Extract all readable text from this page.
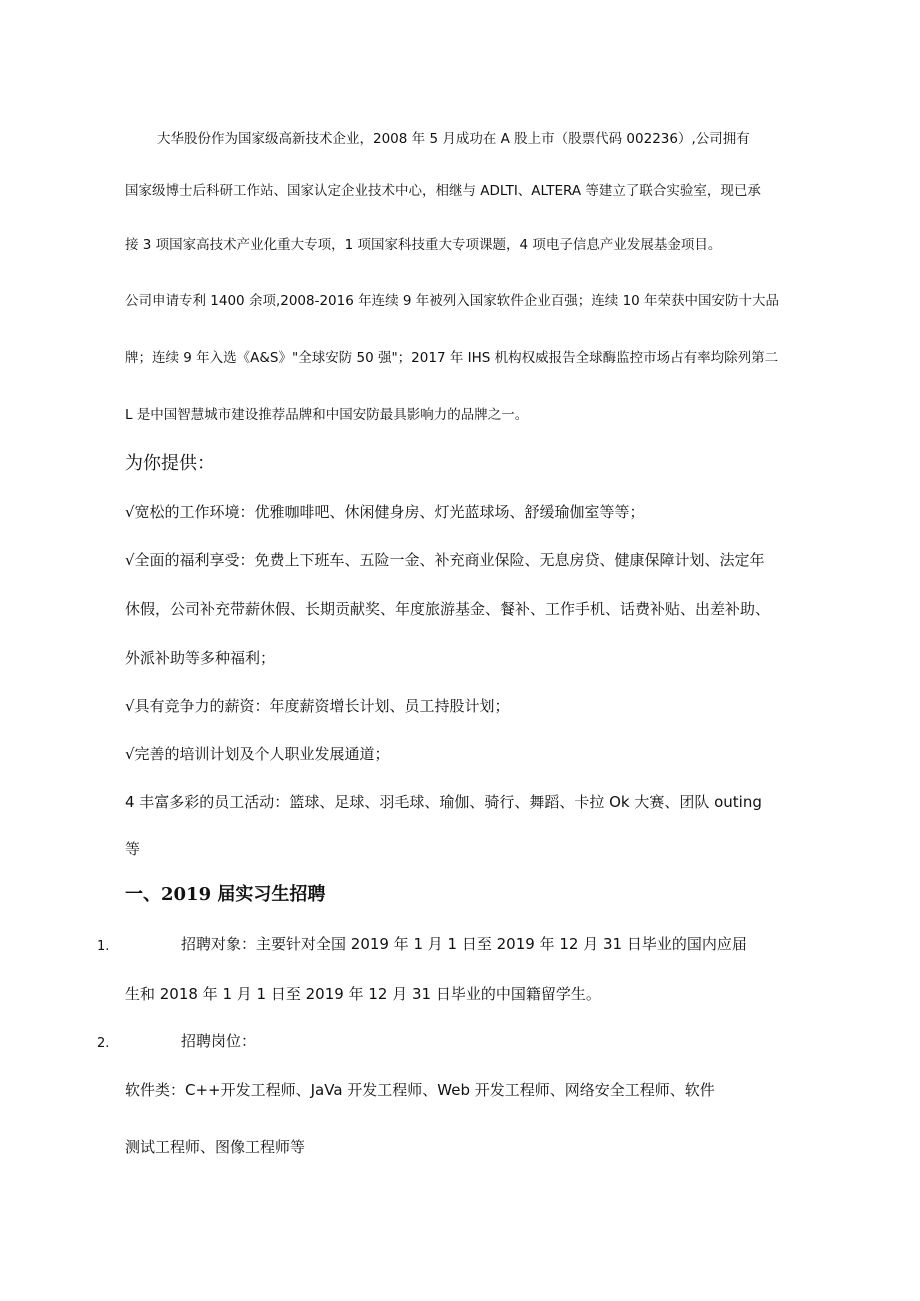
大华股份作为国家级高新技术企业，2008 年 5 月成功在 A 股上市（股票代码 002236）,公司拥有
国家级博士后科研工作站、国家认定企业技术中心，相继与 ADLTI、ALTERA 等建立了联合实验室，现已承
接 3 项国家高技术产业化重大专项，1 项国家科技重大专项课题，4 项电子信息产业发展基金项目。
公司申请专利 1400 余项,2008-2016 年连续 9 年被列入国家软件企业百强；连续 10 年荣获中国安防十大品
牌；连续 9 年入选《A&S》"全球安防 50 强"；2017 年 IHS 机构权威报告全球酶监控市场占有率均除列第二
L 是中国智慧城市建设推荐品牌和中国安防最具影响力的品牌之一。
为你提供：
√宽松的工作环境：优雅咖啡吧、休闲健身房、灯光蓝球场、舒缓瑜伽室等等；
√全面的福利享受：免费上下班车、五险一金、补充商业保险、无息房贷、健康保障计划、法定年
休假，公司补充带薪休假、长期贡献奖、年度旅游基金、餐补、工作手机、话费补贴、出差补助、
外派补助等多种福利；
√具有竞争力的薪资：年度薪资增长计划、员工持股计划；
√完善的培训计划及个人职业发展通道；
4 丰富多彩的员工活动：篮球、足球、羽毛球、瑜伽、骑行、舞蹈、卡拉 Ok 大赛、团队 outing
等
一、2019 届实习生招聘
1.	招聘对象：主要针对全国 2019 年 1 月 1 日至 2019 年 12 月 31 日毕业的国内应届
生和 2018 年 1 月 1 日至 2019 年 12 月 31 日毕业的中国籍留学生。
2.	招聘岗位：
软件类：C++开发工程师、JaVa 开发工程师、Web 开发工程师、网络安全工程师、软件
测试工程师、图像工程师等
